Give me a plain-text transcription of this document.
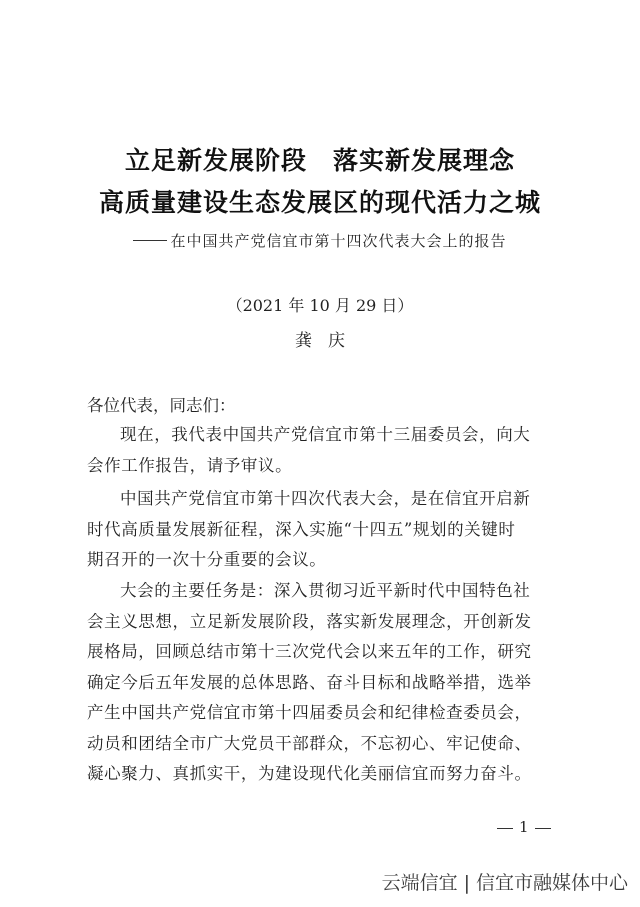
立足新发展阶段　落实新发展理念
高质量建设生态发展区的现代活力之城
在中国共产党信宜市第十四次代表大会上的报告
（2021 年 10 月 29 日）
龚庆
各位代表，同志们：
现在，我代表中国共产党信宜市第十三届委员会，向大
会作工作报告，请予审议。
中国共产党信宜市第十四次代表大会，是在信宜开启新
时代高质量发展新征程，深入实施“十四五”规划的关键时
期召开的一次十分重要的会议。
大会的主要任务是：深入贯彻习近平新时代中国特色社
会主义思想，立足新发展阶段，落实新发展理念，开创新发
展格局，回顾总结市第十三次党代会以来五年的工作，研究
确定今后五年发展的总体思路、奋斗目标和战略举措，选举
产生中国共产党信宜市第十四届委员会和纪律检查委员会，
动员和团结全市广大党员干部群众，不忘初心、牢记使命、
凝心聚力、真抓实干，为建设现代化美丽信宜而努力奋斗。
1
云端信宜 | 信宜市融媒体中心
